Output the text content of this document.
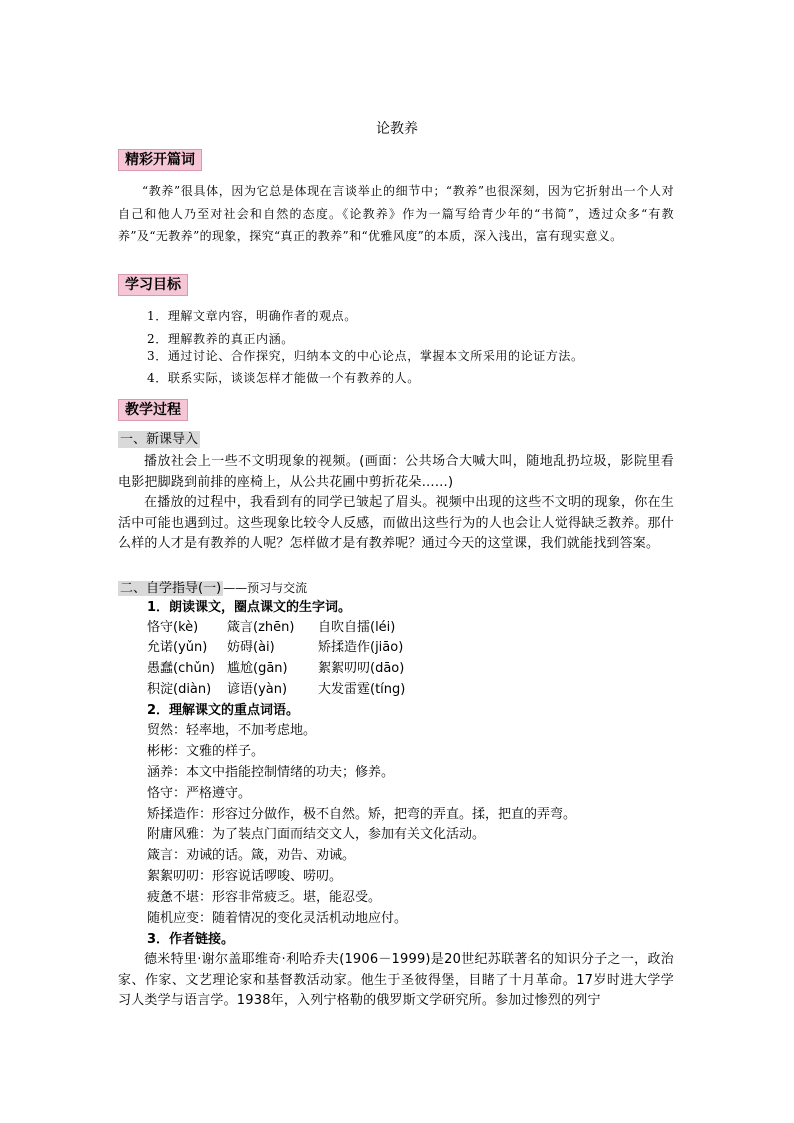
论教养
精彩开篇词
“教养”很具体，因为它总是体现在言谈举止的细节中；“教养”也很深刻，因为它折射出一个人对自己和他人乃至对社会和自然的态度。《论教养》作为一篇写给青少年的“书简”，透过众多“有教养”及“无教养”的现象，探究“真正的教养”和“优雅风度”的本质，深入浅出，富有现实意义。
学习目标
1．理解文章内容，明确作者的观点。
2．理解教养的真正内涵。
3．通过讨论、合作探究，归纳本文的中心论点，掌握本文所采用的论证方法。
4．联系实际，谈谈怎样才能做一个有教养的人。
教学过程
一、新课导入
播放社会上一些不文明现象的视频。(画面：公共场合大喊大叫，随地乱扔垃圾，影院里看电影把脚跷到前排的座椅上，从公共花圃中剪折花朵……)
在播放的过程中，我看到有的同学已皱起了眉头。视频中出现的这些不文明的现象，你在生活中可能也遇到过。这些现象比较令人反感，而做出这些行为的人也会让人觉得缺乏教养。那什么样的人才是有教养的人呢？怎样做才是有教养呢？通过今天的这堂课，我们就能找到答案。
二、自学指导(一) ——预习与交流
1．朗读课文，圈点课文的生字词。
恪守(kè) 箴言(zhēn) 自吹自擂(léi)
允诺(yǔn) 妨碍(ài)	矫揉造作(jiāo)
愚蠢(chǔn) 尴尬(gān) 絮絮叨叨(dāo)
积淀(diàn) 谚语(yàn) 大发雷霆(tíng)
2．理解课文的重点词语。
贸然：轻率地，不加考虑地。
彬彬：文雅的样子。
涵养：本文中指能控制情绪的功夫；修养。
恪守：严格遵守。
矫揉造作：形容过分做作，极不自然。矫，把弯的弄直。揉，把直的弄弯。
附庸风雅：为了装点门面而结交文人，参加有关文化活动。
箴言：劝诫的话。箴，劝告、劝诫。
絮絮叨叨：形容说话啰唆、唠叨。
疲惫不堪：形容非常疲乏。堪，能忍受。
随机应变：随着情况的变化灵活机动地应付。
3．作者链接。
德米特里·谢尔盖耶维奇·利哈乔夫(1906－1999)是20世纪苏联著名的知识分子之一，政治家、作家、文艺理论家和基督教活动家。他生于圣彼得堡，目睹了十月革命。17岁时进大学学习人类学与语言学。1938年，入列宁格勒的俄罗斯文学研究所。参加过惨烈的列宁
